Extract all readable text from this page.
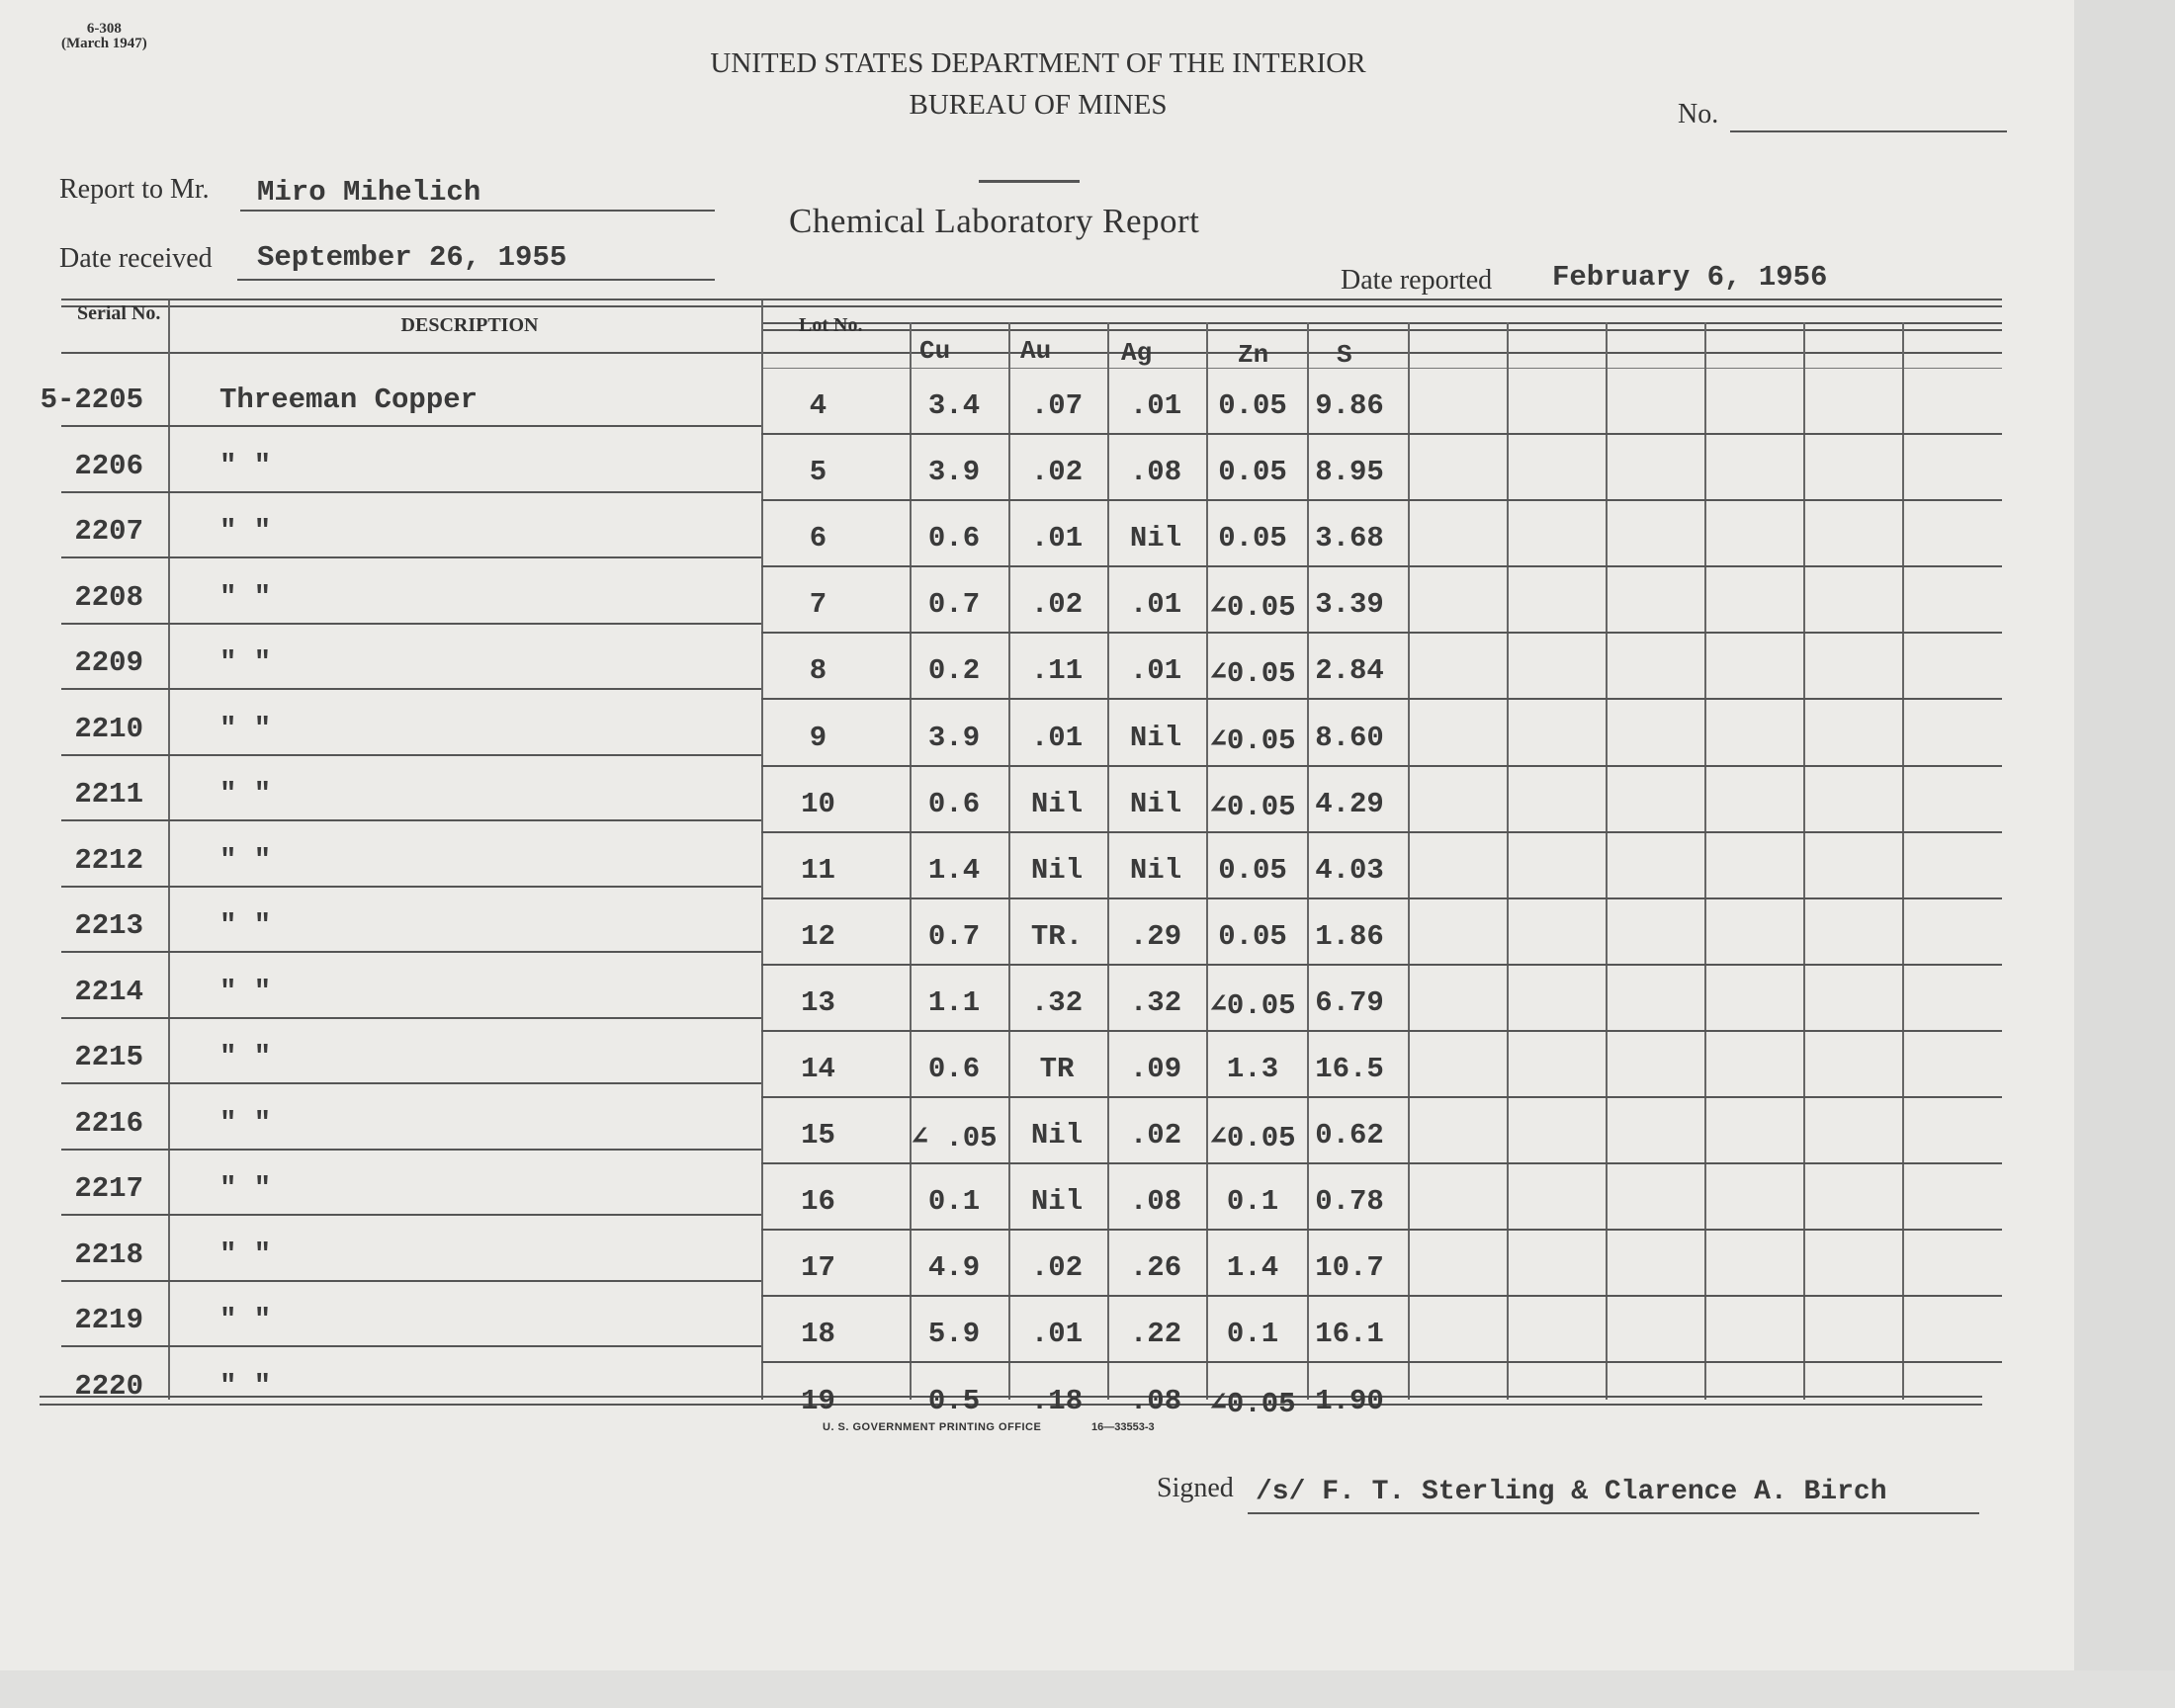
6-308
(March 1947)
UNITED STATES DEPARTMENT OF THE INTERIOR
BUREAU OF MINES	No.
Chemical Laboratory Report
Report to Mr. Miro Mihelich
Date received September 26, 1955
Date reported February 6, 1956
Serial No.
DESCRIPTION	Lot No.
Cu	Au	Ag	Zn	S
5-2205	Threeman Copper	4	3.4	.07	.01	0.05 9.86
2206	" "	5	3.9	.02	.08	0.05 8.95
2207	" "	6	0.6	.01	Nil	0.05 3.68
2208	" "	7	0.7	.02	.01 ∠0.05 3.39
2209	" "	8	0.2	.11	.01 ∠0.05 2.84
2210	" "	9	3.9	.01	Nil ∠0.05 8.60
2211	" "	10	0.6	Nil	Nil ∠0.05 4.29
2212	" "	11	1.4	Nil	Nil	0.05 4.03
2213	" "	12	0.7	TR.	.29	0.05 1.86
2214	" "	13	1.1	.32	.32 ∠0.05 6.79
2215	" "	14	0.6	TR	.09	1.3	16.5
2216	" "	15	∠ .05	Nil	.02 ∠0.05 0.62
2217	" "	16	0.1	Nil	.08	0.1	0.78
2218	" "	17	4.9	.02	.26	1.4	10.7
2219	" "	18	5.9	.01	.22	0.1	16.1
2220	" "	19	0.5	.18	.08 ∠0.05 1.90
U. S. GOVERNMENT PRINTING OFFICE	16—33553-3
Signed /s/ F. T. Sterling & Clarence A. Birch
